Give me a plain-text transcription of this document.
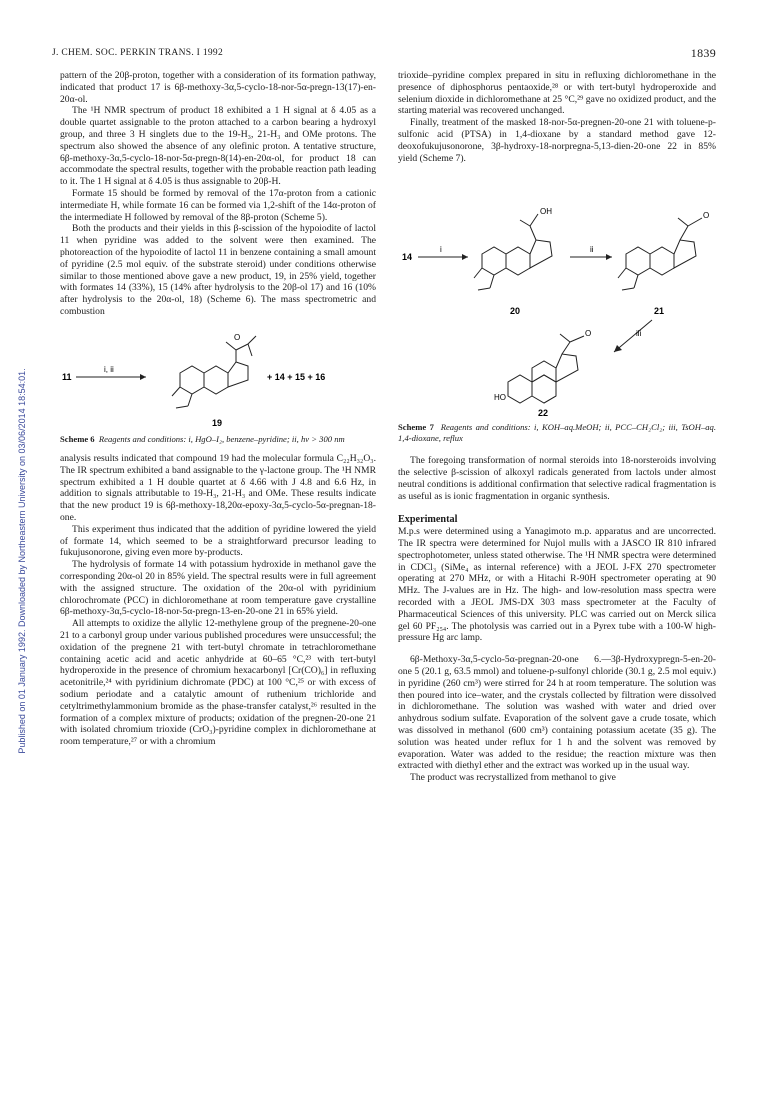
J. CHEM. SOC. PERKIN TRANS. I 1992	1839
Published on 01 January 1992. Downloaded by Northeastern University on 03/06/2014 18:54:01.

pattern of the 20β-proton, together with a consideration of its formation pathway, indicated that product 17 is 6β-methoxy-3α,5-cyclo-18-nor-5α-pregn-13(17)-en-20α-ol.

The ¹H NMR spectrum of product 18 exhibited a 1 H signal at δ 4.05 as a double quartet assignable to the proton attached to a carbon bearing a hydroxyl group, and three 3 H singlets due to the 19-H₃, 21-H₃ and OMe protons. The spectrum also showed the absence of any olefinic proton. A tentative structure, 6β-methoxy-3α,5-cyclo-18-nor-5α-pregn-8(14)-en-20α-ol, for product 18 can accommodate the spectral results, together with the probable reaction path leading to it. The 1 H signal at δ 4.05 is thus assignable to 20β-H.

Formate 15 should be formed by removal of the 17α-proton from a cationic intermediate H, while formate 16 can be formed via 1,2-shift of the 14α-proton of the intermediate H followed by removal of the 8β-proton (Scheme 5).

Both the products and their yields in this β-scission of the hypoiodite of lactol 11 when pyridine was added to the solvent were then examined. The photoreaction of the hypoiodite of lactol 11 in benzene containing a small amount of pyridine (2.5 mol equiv. of the substrate steroid) under conditions otherwise similar to those mentioned above gave a new product, 19, in 25% yield, together with formates 14 (33%), 15 (14% after hydrolysis to the 20β-ol 17) and 16 (10% after hydrolysis to the 20α-ol, 18) (Scheme 6). The mass spectrometric and combustion

11
i, ii
O
+ 14 + 15 + 16
19
Scheme 6 Reagents and conditions: i, HgO–I₂, benzene–pyridine; ii, hν > 300 nm

analysis results indicated that compound 19 had the molecular formula C₂₂H₃₂O₃. The IR spectrum exhibited a band assignable to the γ-lactone group. The ¹H NMR spectrum exhibited a 1 H double quartet at δ 4.66 with J 4.8 and 6.6 Hz, in addition to signals attributable to 19-H₃, 21-H₃ and OMe. These results indicate that the new product 19 is 6β-methoxy-18,20α-epoxy-3α,5-cyclo-5α-pregnan-18-one.

This experiment thus indicated that the addition of pyridine lowered the yield of formate 14, which seemed to be a straightforward precursor leading to fukujusonorone, giving even more by-products.

The hydrolysis of formate 14 with potassium hydroxide in methanol gave the corresponding 20α-ol 20 in 85% yield. The spectral results were in full agreement with the assigned structure. The oxidation of the 20α-ol with pyridinium chlorochromate (PCC) in dichloromethane at room temperature gave crystalline 6β-methoxy-3α,5-cyclo-18-nor-5α-pregn-13-en-20-one 21 in 65% yield.

All attempts to oxidize the allylic 12-methylene group of the pregnene-20-one 21 to a carbonyl group under various published procedures were unsuccessful; the oxidation of the pregnene 21 with tert-butyl chromate in tetrachloromethane containing acetic acid and acetic anhydride at 60–65 °C,²³ with tert-butyl hydroperoxide in the presence of chromium hexacarbonyl [Cr(CO)₆] in refluxing acetonitrile,²⁴ with pyridinium dichromate (PDC) at 100 °C,²⁵ or with excess of sodium periodate and a catalytic amount of ruthenium trichloride and cetyltrimethylammonium bromide as the phase-transfer catalyst,²⁶ resulted in the formation of a complex mixture of products; oxidation of the pregnen-20-one 21 with isolated chromium trioxide (CrO₃)-pyridine complex in dichloromethane at room temperature,²⁷ or with a chromium

trioxide–pyridine complex prepared in situ in refluxing dichloromethane in the presence of diphosphorus pentaoxide,²⁸ or with tert-butyl hydroperoxide and selenium dioxide in dichloromethane at 25 °C,²⁹ gave no oxidized product, and the starting material was recovered unchanged.

Finally, treatment of the masked 18-nor-5α-pregnen-20-one 21 with toluene-p-sulfonic acid (PTSA) in 1,4-dioxane by a standard method gave 12-deoxofukujusonorone, 3β-hydroxy-18-norpregna-5,13-dien-20-one 22 in 85% yield (Scheme 7).

14
i
OH
20
ii
O
21
iii
O
HO
22
Scheme 7 Reagents and conditions: i, KOH–aq.MeOH; ii, PCC–CH₂Cl₂; iii, TsOH–aq. 1,4-dioxane, reflux

The foregoing transformation of normal steroids into 18-norsteroids involving the selective β-scission of alkoxyl radicals generated from lactols under almost neutral conditions is additional confirmation that selective radical fragmentation is as useful as is ionic fragmentation in organic synthesis.

Experimental

M.p.s were determined using a Yanagimoto m.p. apparatus and are uncorrected. The IR spectra were determined for Nujol mulls with a JASCO IR 810 infrared spectrophotometer, unless stated otherwise. The ¹H NMR spectra were determined in CDCl₃ (SiMe₄ as internal reference) with a JEOL J-FX 270 spectrometer operating at 270 MHz, or with a Hitachi R-90H spectrometer operating at 90 MHz. The J-values are in Hz. The high- and low-resolution mass spectra were recorded with a JEOL JMS-DX 303 mass spectrometer at the Faculty of Pharmaceutical Sciences of this university. PLC was carried out on Merck silica gel 60 PF₂₅₄. The photolysis was carried out in a Pyrex tube with a 100-W high-pressure Hg arc lamp.

6β-Methoxy-3α,5-cyclo-5α-pregnan-20-one 6.—3β-Hydroxypregn-5-en-20-one 5 (20.1 g, 63.5 mmol) and toluene-p-sulfonyl chloride (30.1 g, 2.5 mol equiv.) in pyridine (260 cm³) were stirred for 24 h at room temperature. The solution was then poured into ice–water, and the crystals collected by filtration were dissolved in dichloromethane. The solution was washed with water and dried over anhydrous sodium sulfate. Evaporation of the solvent gave a crude tosate, which was dissolved in methanol (600 cm³) containing potassium acetate (35 g). The solution was heated under reflux for 1 h and the solvent was removed by evaporation. Water was added to the residue; the reaction mixture was then extracted with diethyl ether and the extract was worked up in the usual way.

The product was recrystallized from methanol to give
